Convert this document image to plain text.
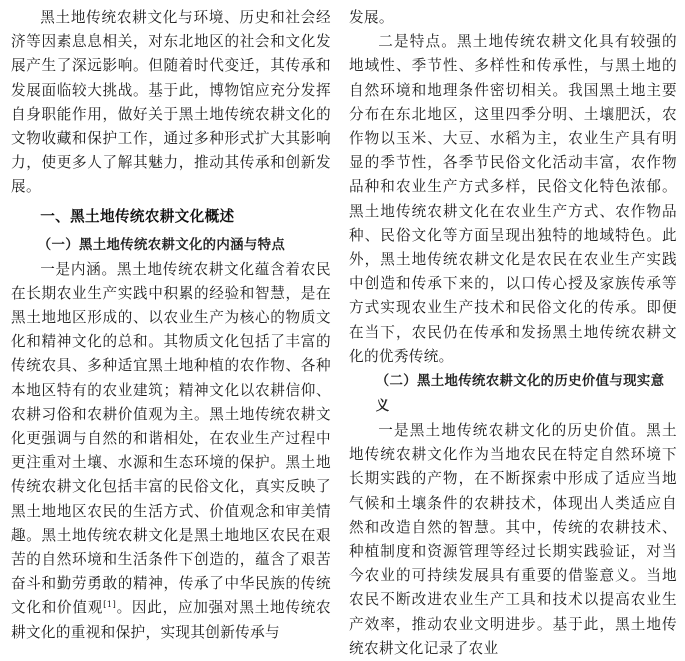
黑土地传统农耕文化与环境、历史和社会经济等因素息息相关，对东北地区的社会和文化发展产生了深远影响。但随着时代变迁，其传承和发展面临较大挑战。基于此，博物馆应充分发挥自身职能作用，做好关于黑土地传统农耕文化的文物收藏和保护工作，通过多种形式扩大其影响力，使更多人了解其魅力，推动其传承和创新发展。

一、黑土地传统农耕文化概述
（一）黑土地传统农耕文化的内涵与特点

一是内涵。黑土地传统农耕文化蕴含着农民在长期农业生产实践中积累的经验和智慧，是在黑土地地区形成的、以农业生产为核心的物质文化和精神文化的总和。其物质文化包括了丰富的传统农具、多种适宜黑土地种植的农作物、各种本地区特有的农业建筑；精神文化以农耕信仰、农耕习俗和农耕价值观为主。黑土地传统农耕文化更强调与自然的和谐相处，在农业生产过程中更注重对土壤、水源和生态环境的保护。黑土地传统农耕文化包括丰富的民俗文化，真实反映了黑土地地区农民的生活方式、价值观念和审美情趣。黑土地传统农耕文化是黑土地地区农民在艰苦的自然环境和生活条件下创造的，蕴含了艰苦奋斗和勤劳勇敢的精神，传承了中华民族的传统文化和价值观[1]。因此，应加强对黑土地传统农耕文化的重视和保护，实现其创新传承与

发展。

二是特点。黑土地传统农耕文化具有较强的地域性、季节性、多样性和传承性，与黑土地的自然环境和地理条件密切相关。我国黑土地主要分布在东北地区，这里四季分明、土壤肥沃，农作物以玉米、大豆、水稻为主，农业生产具有明显的季节性，各季节民俗文化活动丰富，农作物品种和农业生产方式多样，民俗文化特色浓郁。黑土地传统农耕文化在农业生产方式、农作物品种、民俗文化等方面呈现出独特的地域特色。此外，黑土地传统农耕文化是农民在农业生产实践中创造和传承下来的，以口传心授及家族传承等方式实现农业生产技术和民俗文化的传承。即便在当下，农民仍在传承和发扬黑土地传统农耕文化的优秀传统。

（二）黑土地传统农耕文化的历史价值与现实意义

一是黑土地传统农耕文化的历史价值。黑土地传统农耕文化作为当地农民在特定自然环境下长期实践的产物，在不断探索中形成了适应当地气候和土壤条件的农耕技术，体现出人类适应自然和改造自然的智慧。其中，传统的农耕技术、种植制度和资源管理等经过长期实践验证，对当今农业的可持续发展具有重要的借鉴意义。当地农民不断改进农业生产工具和技术以提高农业生产效率，推动农业文明进步。基于此，黑土地传统农耕文化记录了农业
